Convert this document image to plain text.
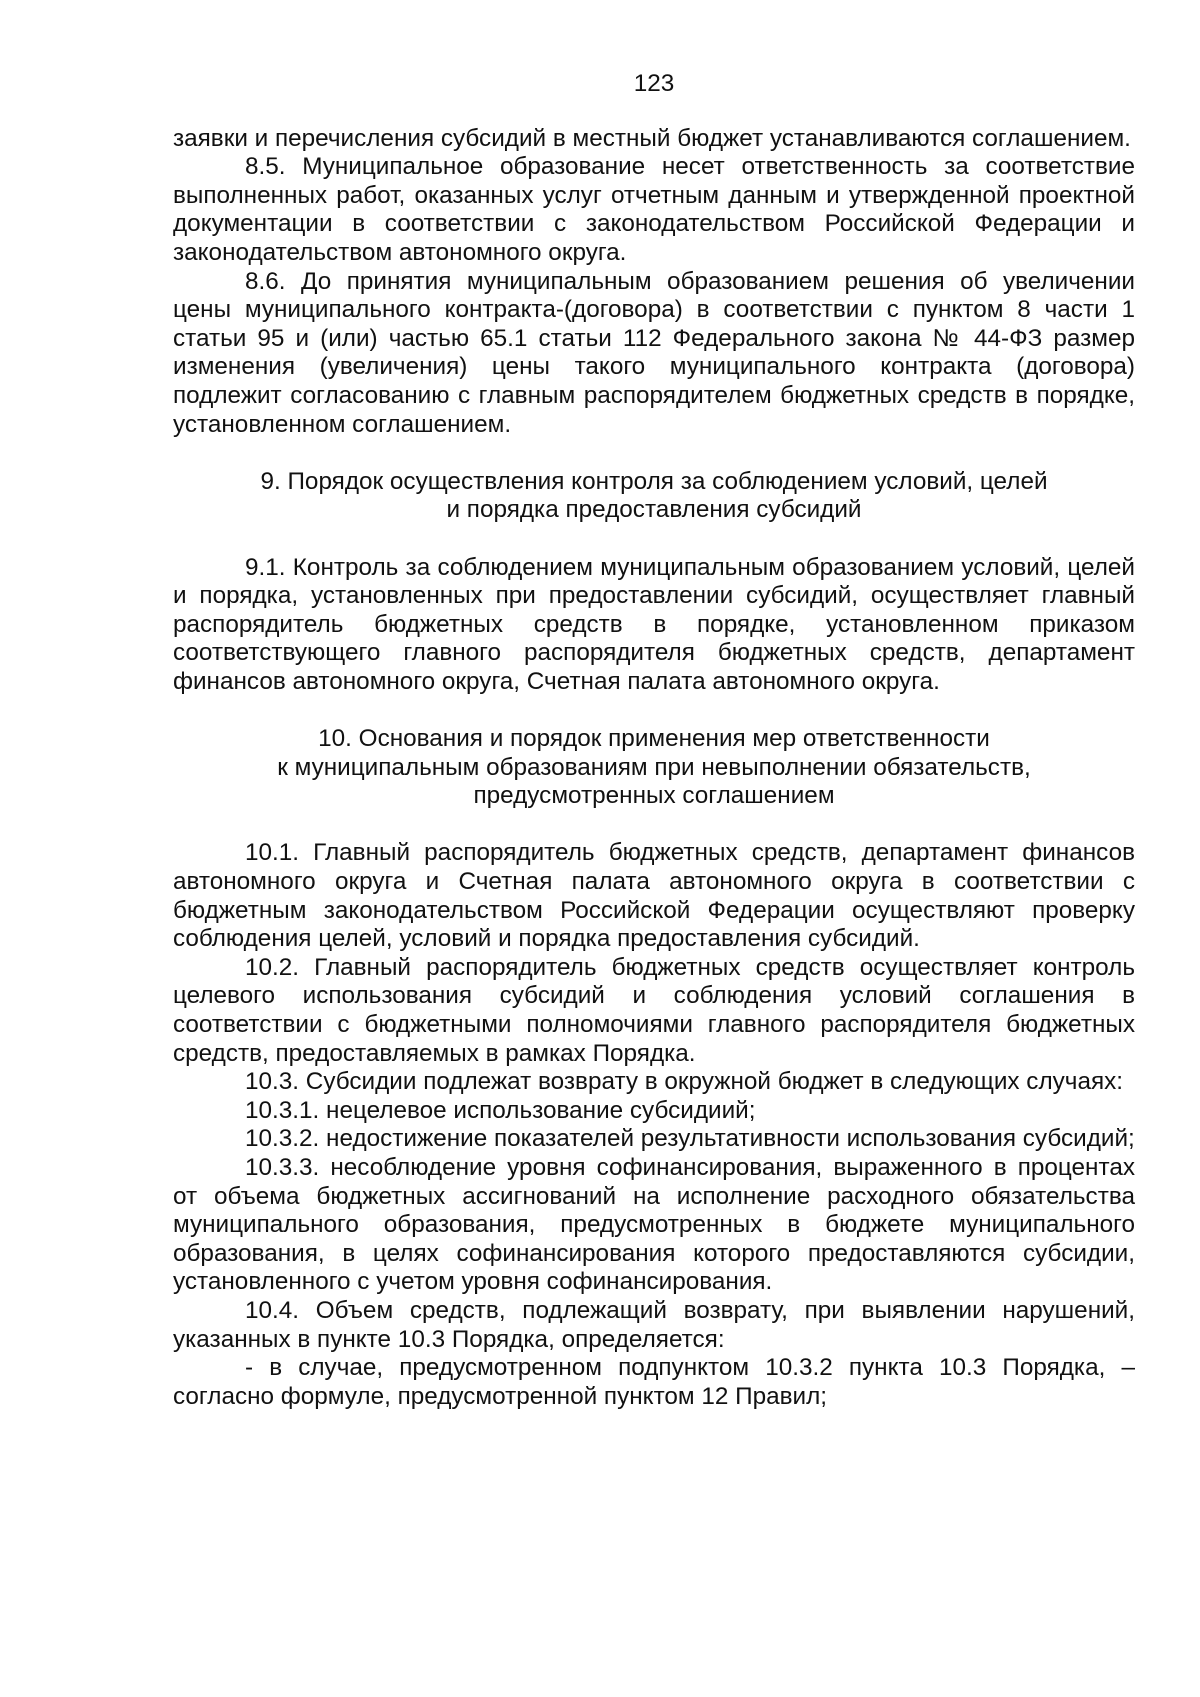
123

заявки и перечисления субсидий в местный бюджет устанавливаются соглашением.

8.5. Муниципальное образование несет ответственность за соответствие выполненных работ, оказанных услуг отчетным данным и утвержденной проектной документации в соответствии с законодательством Российской Федерации и законодательством автономного округа.

8.6. До принятия муниципальным образованием решения об увеличении цены муниципального контракта-(договора) в соответствии с пунктом 8 части 1 статьи 95 и (или) частью 65.1 статьи 112 Федерального закона № 44-ФЗ размер изменения (увеличения) цены такого муниципального контракта (договора) подлежит согласованию с главным распорядителем бюджетных средств в порядке, установленном соглашением.

9. Порядок осуществления контроля за соблюдением условий, целей
и порядка предоставления субсидий

9.1. Контроль за соблюдением муниципальным образованием условий, целей и порядка, установленных при предоставлении субсидий, осуществляет главный распорядитель бюджетных средств в порядке, установленном приказом соответствующего главного распорядителя бюджетных средств, департамент финансов автономного округа, Счетная палата автономного округа.

10. Основания и порядок применения мер ответственности
к муниципальным образованиям при невыполнении обязательств,
предусмотренных соглашением

10.1. Главный распорядитель бюджетных средств, департамент финансов автономного округа и Счетная палата автономного округа в соответствии с бюджетным законодательством Российской Федерации осуществляют проверку соблюдения целей, условий и порядка предоставления субсидий.

10.2. Главный распорядитель бюджетных средств осуществляет контроль целевого использования субсидий и соблюдения условий соглашения в соответствии с бюджетными полномочиями главного распорядителя бюджетных средств, предоставляемых в рамках Порядка.

10.3. Субсидии подлежат возврату в окружной бюджет в следующих случаях:

10.3.1. нецелевое использование субсидиий;

10.3.2. недостижение показателей результативности использования субсидий;

10.3.3. несоблюдение уровня софинансирования, выраженного в процентах от объема бюджетных ассигнований на исполнение расходного обязательства муниципального образования, предусмотренных в бюджете муниципального образования, в целях софинансирования которого предоставляются субсидии, установленного с учетом уровня софинансирования.

10.4. Объем средств, подлежащий возврату, при выявлении нарушений, указанных в пункте 10.3 Порядка, определяется:

- в случае, предусмотренном подпунктом 10.3.2 пункта 10.3 Порядка, – согласно формуле, предусмотренной пунктом 12 Правил;
